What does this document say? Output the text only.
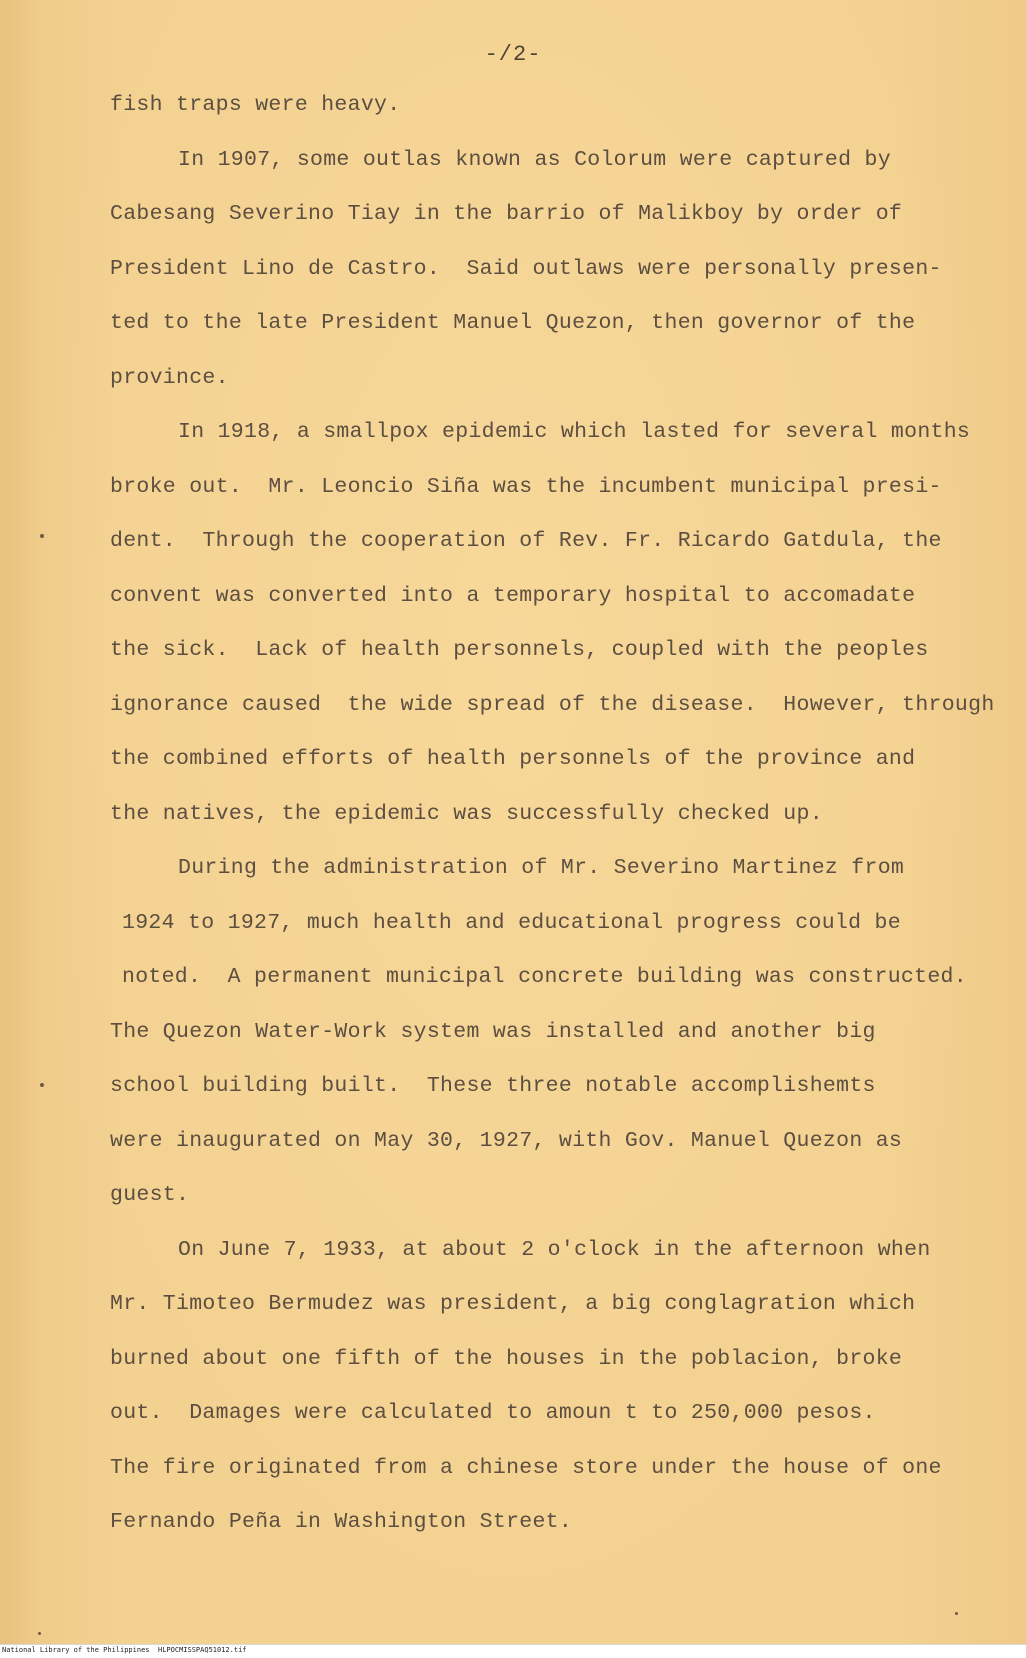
-/2-
fish traps were heavy.
In 1907, some outlas known as Colorum were captured by
Cabesang Severino Tiay in the barrio of Malikboy by order of
President Lino de Castro.  Said outlaws were personally presen-
ted to the late President Manuel Quezon, then governor of the
province.
In 1918, a smallpox epidemic which lasted for several months
broke out.  Mr. Leoncio Siña was the incumbent municipal presi-
dent.  Through the cooperation of Rev. Fr. Ricardo Gatdula, the
convent was converted into a temporary hospital to accomadate
the sick.  Lack of health personnels, coupled with the peoples
ignorance caused  the wide spread of the disease.  However, through
the combined efforts of health personnels of the province and
the natives, the epidemic was successfully checked up.
During the administration of Mr. Severino Martinez from
1924 to 1927, much health and educational progress could be
noted.  A permanent municipal concrete building was constructed.
The Quezon Water-Work system was installed and another big
school building built.  These three notable accomplishemts
were inaugurated on May 30, 1927, with Gov. Manuel Quezon as
guest.
On June 7, 1933, at about 2 o'clock in the afternoon when
Mr. Timoteo Bermudez was president, a big conglagration which
burned about one fifth of the houses in the poblacion, broke
out.  Damages were calculated to amoun t to 250,000 pesos.
The fire originated from a chinese store under the house of one
Fernando Peña in Washington Street.
National Library of the Philippines HLPOCMISSPAQ51012.tif
